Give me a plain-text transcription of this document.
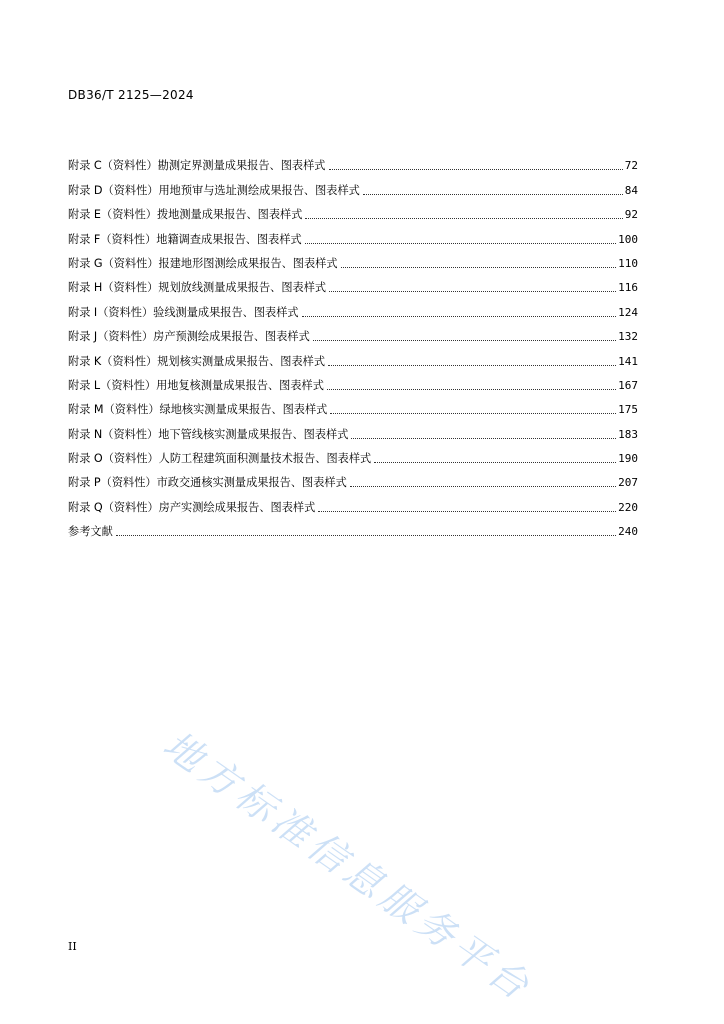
DB36/T 2125—2024
附录 C（资料性）勘测定界测量成果报告、图表样式	72
附录 D（资料性）用地预审与选址测绘成果报告、图表样式	84
附录 E（资料性）拨地测量成果报告、图表样式	92
附录 F（资料性）地籍调查成果报告、图表样式	100
附录 G（资料性）报建地形图测绘成果报告、图表样式	110
附录 H（资料性）规划放线测量成果报告、图表样式	116
附录 I（资料性）验线测量成果报告、图表样式	124
附录 J（资料性）房产预测绘成果报告、图表样式	132
附录 K（资料性）规划核实测量成果报告、图表样式	141
附录 L（资料性）用地复核测量成果报告、图表样式	167
附录 M（资料性）绿地核实测量成果报告、图表样式	175
附录 N（资料性）地下管线核实测量成果报告、图表样式	183
附录 O（资料性）人防工程建筑面积测量技术报告、图表样式	190
附录 P（资料性）市政交通核实测量成果报告、图表样式	207
附录 Q（资料性）房产实测绘成果报告、图表样式	220
参考文献	240
地方标准信息服务平台
II
